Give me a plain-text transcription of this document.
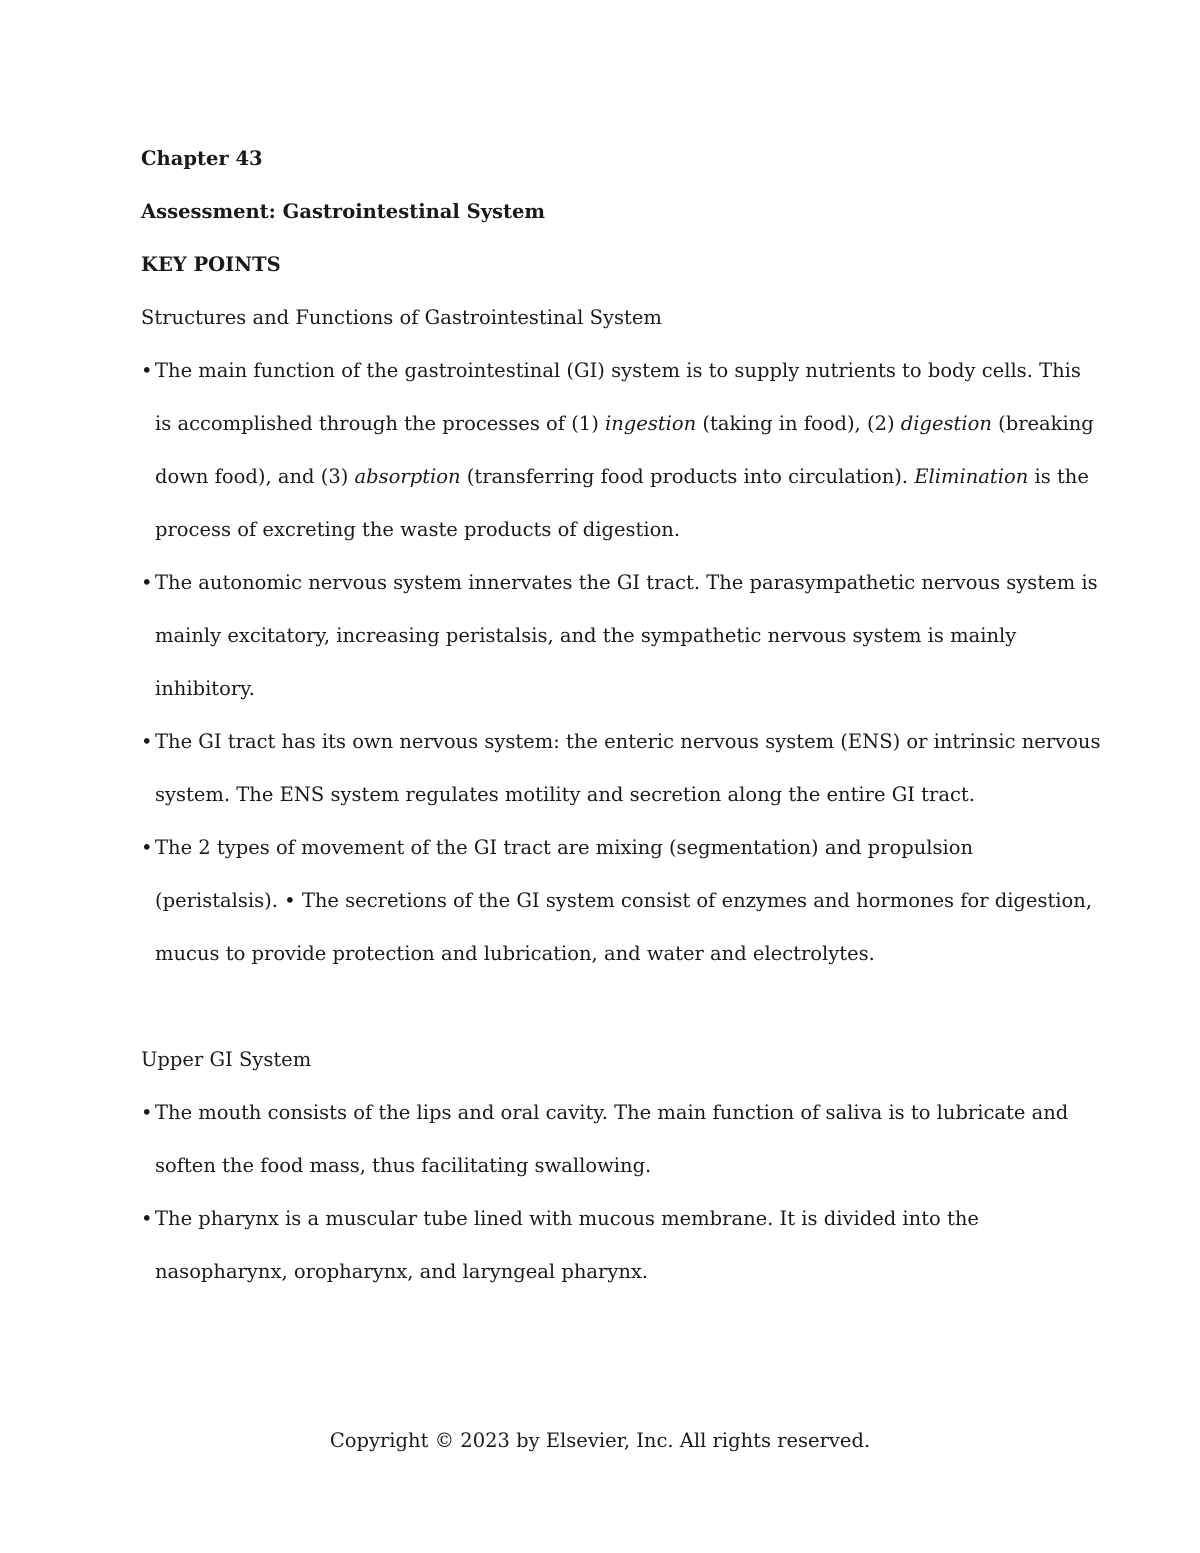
Chapter 43
Assessment: Gastrointestinal System
KEY POINTS
Structures and Functions of Gastrointestinal System
• The main function of the gastrointestinal (GI) system is to supply nutrients to body cells. This
is accomplished through the processes of (1) ingestion (taking in food), (2) digestion (breaking
down food), and (3) absorption (transferring food products into circulation). Elimination is the
process of excreting the waste products of digestion.
• The autonomic nervous system innervates the GI tract. The parasympathetic nervous system is
mainly excitatory, increasing peristalsis, and the sympathetic nervous system is mainly
inhibitory.
• The GI tract has its own nervous system: the enteric nervous system (ENS) or intrinsic nervous
system. The ENS system regulates motility and secretion along the entire GI tract.
• The 2 types of movement of the GI tract are mixing (segmentation) and propulsion
(peristalsis). • The secretions of the GI system consist of enzymes and hormones for digestion,
mucus to provide protection and lubrication, and water and electrolytes.
Upper GI System
• The mouth consists of the lips and oral cavity. The main function of saliva is to lubricate and
soften the food mass, thus facilitating swallowing.
• The pharynx is a muscular tube lined with mucous membrane. It is divided into the
nasopharynx, oropharynx, and laryngeal pharynx.
Copyright © 2023 by Elsevier, Inc. All rights reserved.
